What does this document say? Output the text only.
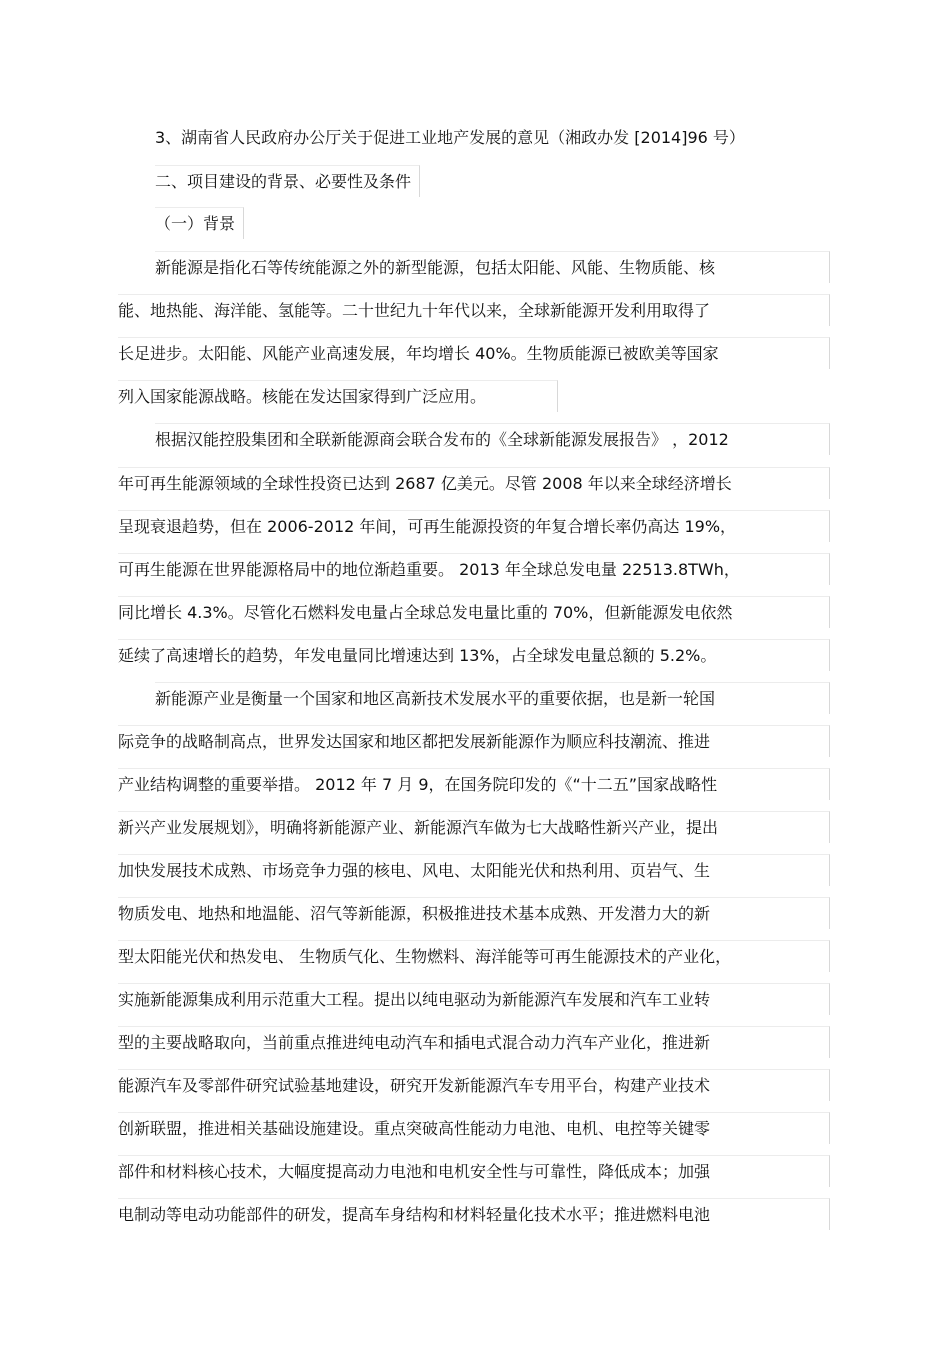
3、湖南省人民政府办公厅关于促进工业地产发展的意见（湘政办发 [2014]96 号）
二、项目建设的背景、必要性及条件
（一）背景
新能源是指化石等传统能源之外的新型能源，包括太阳能、风能、生物质能、核
能、地热能、海洋能、氢能等。二十世纪九十年代以来，全球新能源开发利用取得了
长足进步。太阳能、风能产业高速发展，年均增长 40%。生物质能源已被欧美等国家
列入国家能源战略。核能在发达国家得到广泛应用。
根据汉能控股集团和全联新能源商会联合发布的《全球新能源发展报告》 ，2012
年可再生能源领域的全球性投资已达到 2687 亿美元。尽管 2008 年以来全球经济增长
呈现衰退趋势，但在 2006-2012 年间，可再生能源投资的年复合增长率仍高达 19%，
可再生能源在世界能源格局中的地位渐趋重要。 2013 年全球总发电量 22513.8TWh，
同比增长 4.3%。尽管化石燃料发电量占全球总发电量比重的 70%，但新能源发电依然
延续了高速增长的趋势，年发电量同比增速达到 13%，占全球发电量总额的 5.2%。
新能源产业是衡量一个国家和地区高新技术发展水平的重要依据，也是新一轮国
际竞争的战略制高点，世界发达国家和地区都把发展新能源作为顺应科技潮流、推进
产业结构调整的重要举措。 2012 年 7 月 9，在国务院印发的《“十二五”国家战略性
新兴产业发展规划》，明确将新能源产业、新能源汽车做为七大战略性新兴产业，提出
加快发展技术成熟、市场竞争力强的核电、风电、太阳能光伏和热利用、页岩气、生
物质发电、地热和地温能、沼气等新能源，积极推进技术基本成熟、开发潜力大的新
型太阳能光伏和热发电、 生物质气化、生物燃料、海洋能等可再生能源技术的产业化，
实施新能源集成利用示范重大工程。提出以纯电驱动为新能源汽车发展和汽车工业转
型的主要战略取向，当前重点推进纯电动汽车和插电式混合动力汽车产业化，推进新
能源汽车及零部件研究试验基地建设，研究开发新能源汽车专用平台，构建产业技术
创新联盟，推进相关基础设施建设。重点突破高性能动力电池、电机、电控等关键零
部件和材料核心技术，大幅度提高动力电池和电机安全性与可靠性，降低成本；加强
电制动等电动功能部件的研发，提高车身结构和材料轻量化技术水平；推进燃料电池
